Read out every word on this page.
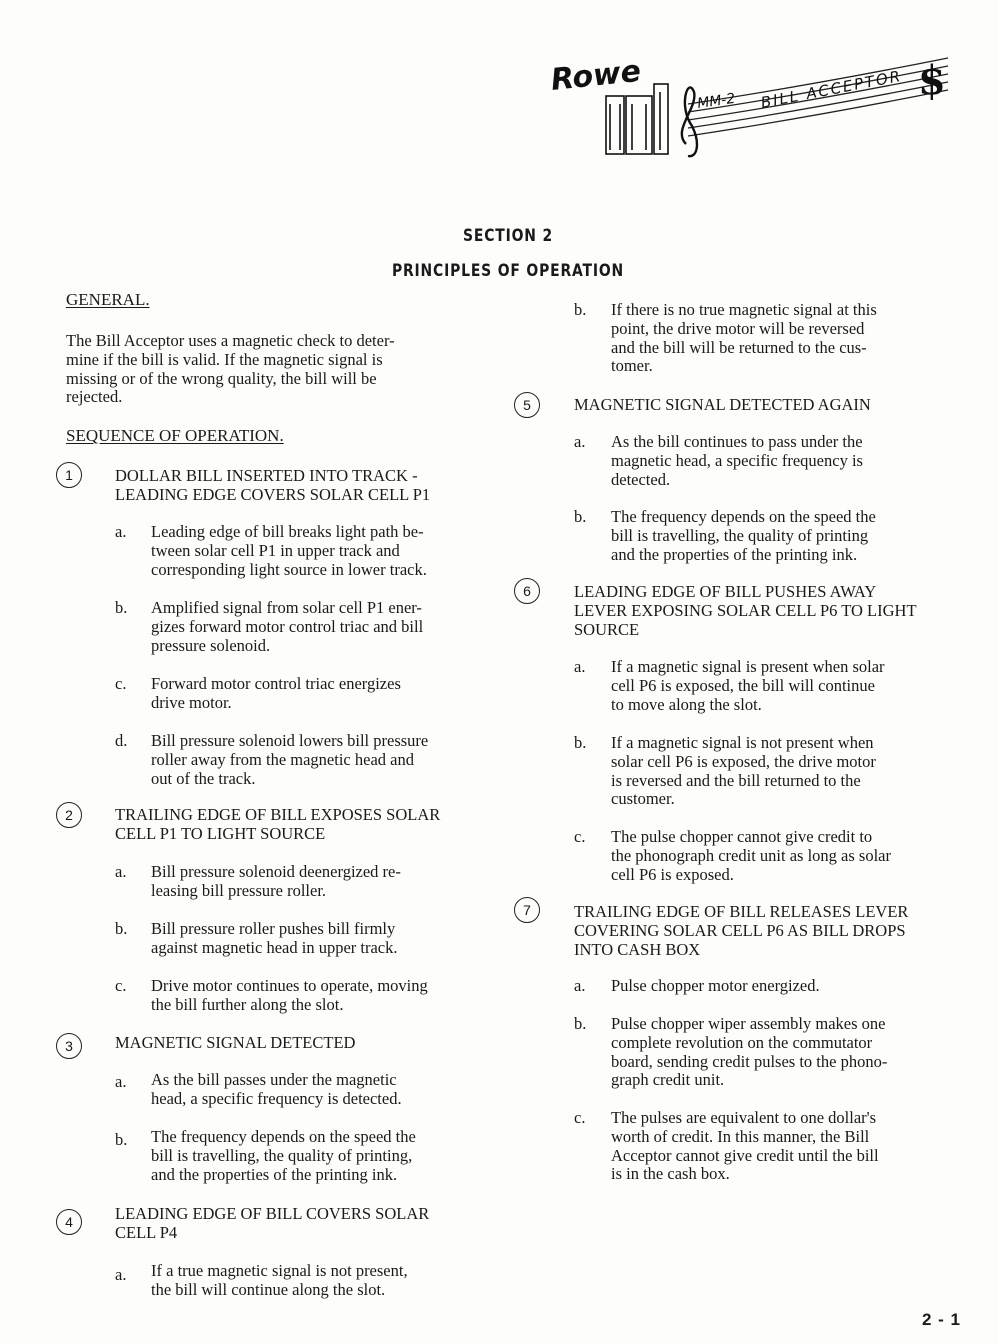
Rowe
MM-2 BILL ACCEPTOR $
SECTION 2
PRINCIPLES OF OPERATION
GENERAL.
The Bill Acceptor uses a magnetic check to deter-
mine if the bill is valid. If the magnetic signal is
missing or of the wrong quality, the bill will be
rejected.
SEQUENCE OF OPERATION.
1	DOLLAR BILL INSERTED INTO TRACK -
LEADING EDGE COVERS SOLAR CELL P1
a. Leading edge of bill breaks light path be-
tween solar cell P1 in upper track and
corresponding light source in lower track.
b. Amplified signal from solar cell P1 ener-
gizes forward motor control triac and bill
pressure solenoid.
c. Forward motor control triac energizes
drive motor.
d. Bill pressure solenoid lowers bill pressure
roller away from the magnetic head and
out of the track.
2	TRAILING EDGE OF BILL EXPOSES SOLAR
CELL P1 TO LIGHT SOURCE
a. Bill pressure solenoid deenergized re-
leasing bill pressure roller.
b. Bill pressure roller pushes bill firmly
against magnetic head in upper track.
c. Drive motor continues to operate, moving
the bill further along the slot.
3	MAGNETIC SIGNAL DETECTED
a. As the bill passes under the magnetic
head, a specific frequency is detected.
b. The frequency depends on the speed the
bill is travelling, the quality of printing,
and the properties of the printing ink.
4	LEADING EDGE OF BILL COVERS SOLAR
CELL P4
a. If a true magnetic signal is not present,
the bill will continue along the slot.
b. If there is no true magnetic signal at this
point, the drive motor will be reversed
and the bill will be returned to the cus-
tomer.
5	MAGNETIC SIGNAL DETECTED AGAIN
a. As the bill continues to pass under the
magnetic head, a specific frequency is
detected.
b. The frequency depends on the speed the
bill is travelling, the quality of printing
and the properties of the printing ink.
6	LEADING EDGE OF BILL PUSHES AWAY
LEVER EXPOSING SOLAR CELL P6 TO LIGHT
SOURCE
a. If a magnetic signal is present when solar
cell P6 is exposed, the bill will continue
to move along the slot.
b. If a magnetic signal is not present when
solar cell P6 is exposed, the drive motor
is reversed and the bill returned to the
customer.
c. The pulse chopper cannot give credit to
the phonograph credit unit as long as solar
cell P6 is exposed.
7	TRAILING EDGE OF BILL RELEASES LEVER
COVERING SOLAR CELL P6 AS BILL DROPS
INTO CASH BOX
a. Pulse chopper motor energized.
b. Pulse chopper wiper assembly makes one
complete revolution on the commutator
board, sending credit pulses to the phono-
graph credit unit.
c. The pulses are equivalent to one dollar's
worth of credit. In this manner, the Bill
Acceptor cannot give credit until the bill
is in the cash box.
2 - 1
